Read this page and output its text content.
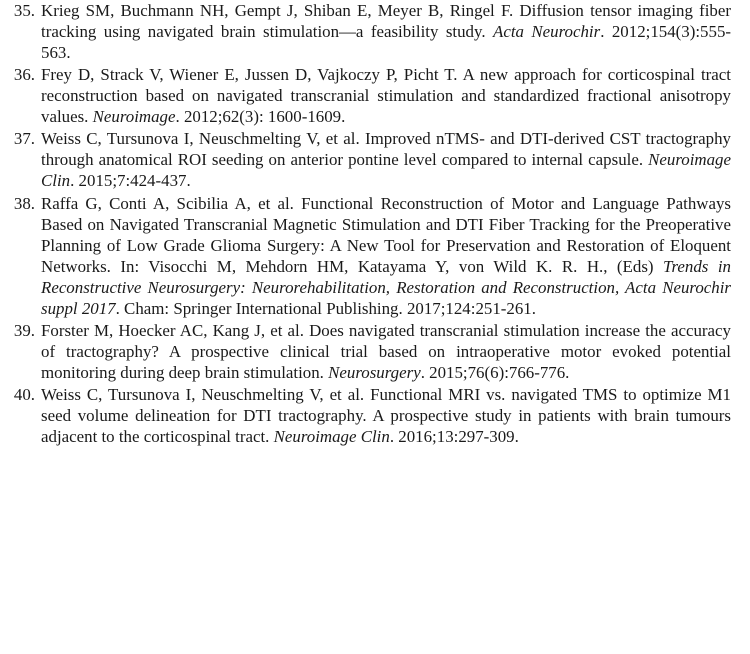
35. Krieg SM, Buchmann NH, Gempt J, Shiban E, Meyer B, Ringel F. Diffusion tensor imaging fiber tracking using navigated brain stimulation—a feasibility study. Acta Neurochir. 2012;154(3):555-563.
36. Frey D, Strack V, Wiener E, Jussen D, Vajkoczy P, Picht T. A new approach for corticospinal tract reconstruction based on navigated transcranial stimulation and standardized fractional anisotropy values. Neuroimage. 2012;62(3): 1600-1609.
37. Weiss C, Tursunova I, Neuschmelting V, et al. Improved nTMS- and DTI-derived CST tractography through anatomical ROI seeding on anterior pontine level compared to internal capsule. Neuroimage Clin. 2015;7:424-437.
38. Raffa G, Conti A, Scibilia A, et al. Functional Reconstruction of Motor and Language Pathways Based on Navigated Transcranial Magnetic Stimulation and DTI Fiber Tracking for the Preoperative Planning of Low Grade Glioma Surgery: A New Tool for Preservation and Restoration of Eloquent Networks. In: Visocchi M, Mehdorn HM, Katayama Y, von Wild K. R. H., (Eds) Trends in Reconstructive Neurosurgery: Neurorehabilitation, Restoration and Reconstruction, Acta Neurochir suppl 2017. Cham: Springer International Publishing. 2017;124:251-261.
39. Forster M, Hoecker AC, Kang J, et al. Does navigated transcranial stimulation increase the accuracy of tractography? A prospective clinical trial based on intraoperative motor evoked potential monitoring during deep brain stimulation. Neurosurgery. 2015;76(6):766-776.
40. Weiss C, Tursunova I, Neuschmelting V, et al. Functional MRI vs. navigated TMS to optimize M1 seed volume delineation for DTI tractography. A prospective study in patients with brain tumours adjacent to the corticospinal tract. Neuroimage Clin. 2016;13:297-309.
